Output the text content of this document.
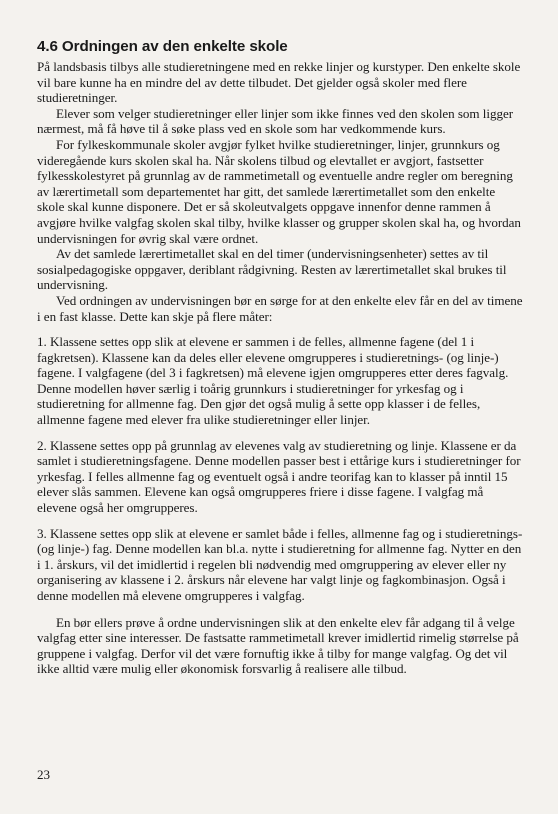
4.6 Ordningen av den enkelte skole

På landsbasis tilbys alle studieretningene med en rekke linjer og kurstyper. Den enkelte skole vil bare kunne ha en mindre del av dette tilbudet. Det gjelder også skoler med flere studieretninger.

Elever som velger studieretninger eller linjer som ikke finnes ved den skolen som ligger nærmest, må få høve til å søke plass ved en skole som har vedkommende kurs.

For fylkeskommunale skoler avgjør fylket hvilke studieretninger, linjer, grunnkurs og videregående kurs skolen skal ha. Når skolens tilbud og elevtallet er avgjort, fastsetter fylkesskolestyret på grunnlag av de rammetimetall og eventuelle andre regler om beregning av lærertimetall som departementet har gitt, det samlede lærertimetallet som den enkelte skole skal kunne disponere. Det er så skoleutvalgets oppgave innenfor denne rammen å avgjøre hvilke valgfag skolen skal tilby, hvilke klasser og grupper skolen skal ha, og hvordan undervisningen for øvrig skal være ordnet.

Av det samlede lærertimetallet skal en del timer (undervisningsenheter) settes av til sosialpedagogiske oppgaver, deriblant rådgivning. Resten av lærertimetallet skal brukes til undervisning.

Ved ordningen av undervisningen bør en sørge for at den enkelte elev får en del av timene i en fast klasse. Dette kan skje på flere måter:

1. Klassene settes opp slik at elevene er sammen i de felles, allmenne fagene (del 1 i fagkretsen). Klassene kan da deles eller elevene omgrupperes i studieretnings- (og linje-) fagene. I valgfagene (del 3 i fagkretsen) må elevene igjen omgrupperes etter deres fagvalg. Denne modellen høver særlig i toårig grunnkurs i studieretninger for yrkesfag og i studieretning for allmenne fag. Den gjør det også mulig å sette opp klasser i de felles, allmenne fagene med elever fra ulike studieretninger eller linjer.

2. Klassene settes opp på grunnlag av elevenes valg av studieretning og linje. Klassene er da samlet i studieretningsfagene. Denne modellen passer best i ettårige kurs i studieretninger for yrkesfag. I felles allmenne fag og eventuelt også i andre teorifag kan to klasser på inntil 15 elever slås sammen. Elevene kan også omgrupperes friere i disse fagene. I valgfag må elevene også her omgrupperes.

3. Klassene settes opp slik at elevene er samlet både i felles, allmenne fag og i studieretnings- (og linje-) fag. Denne modellen kan bl.a. nytte i studieretning for allmenne fag. Nytter en den i 1. årskurs, vil det imidlertid i regelen bli nødvendig med omgruppering av elever eller ny organisering av klassene i 2. årskurs når elevene har valgt linje og fagkombinasjon. Også i denne modellen må elevene omgrupperes i valgfag.

En bør ellers prøve å ordne undervisningen slik at den enkelte elev får adgang til å velge valgfag etter sine interesser. De fastsatte rammetimetall krever imidlertid rimelig størrelse på gruppene i valgfag. Derfor vil det være fornuftig ikke å tilby for mange valgfag. Og det vil ikke alltid være mulig eller økonomisk forsvarlig å realisere alle tilbud.

23
